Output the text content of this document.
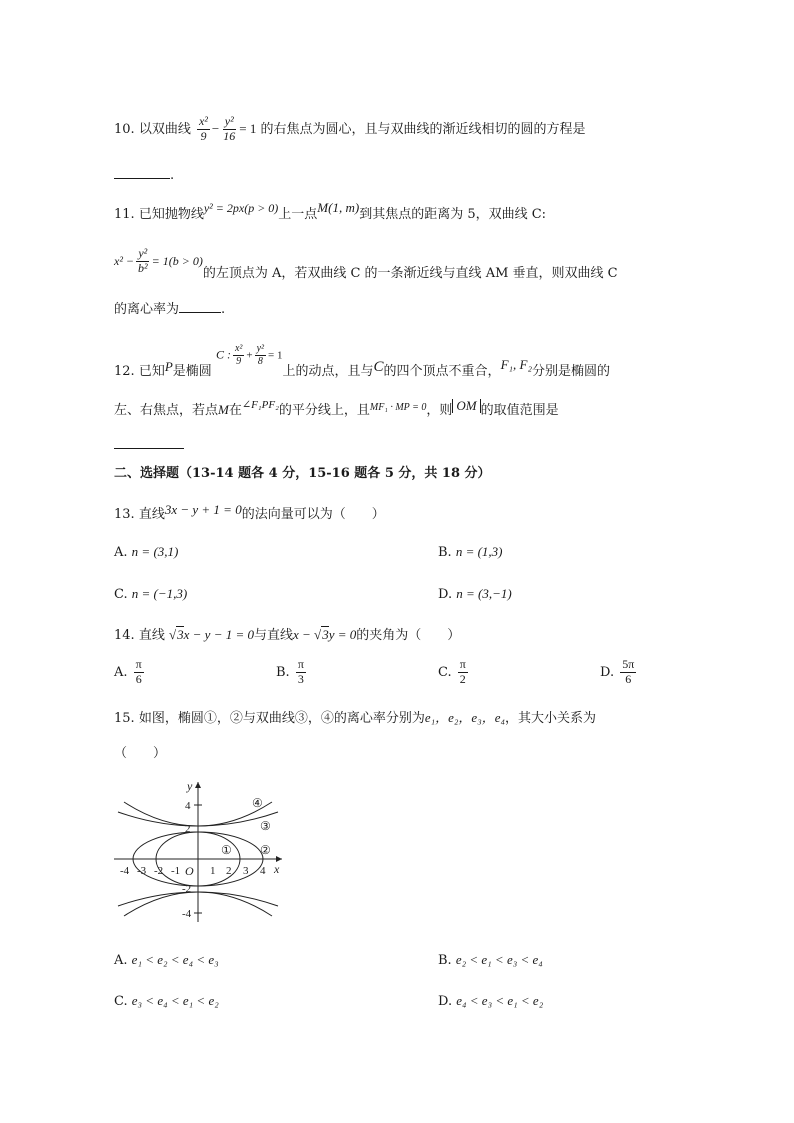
10. 以双曲线 $\frac{\text{x²}}{9} - \frac{\text{y²}}{16} = 1$ 的右焦点为圆心，且与双曲线的渐近线相切的圆的方程是
.
11. 已知抛物线y² = 2px(p > 0)上一点M(1, m)到其焦点的距离为 5，双曲线 C:
$x^2 - \frac{\text{y²}}{\text{b²}} = 1(b > 0)$的左顶点为 A，若双曲线 C 的一条渐近线与直线 AM 垂直，则双曲线 C
的离心率为	.
12. 已知P是椭圆 C : $\frac{\text{x²}}{9} + \frac{\text{y²}}{8} = 1$上的动点，且与C的四个顶点不重合，F₁, F₂分别是椭圆的
左、右焦点，若点M在$^{\angle F_1PF_2}$的平分线上，且$^{MF_1 \cdot MP = 0}$，则 OM 的取值范围是
二、选择题（13-14 题各 4 分，15-16 题各 5 分，共 18 分）
13. 直线3x − y + 1 = 0的法向量可以为（　　）
A. n = (3,1)	B. n = (1,3)
C. n = (−1,3)	D. n = (3,−1)
14. 直线 √3x − y − 1 = 0与直线x − √3y = 0的夹角为（　　）
A. $\frac{\pi}{6}$	B. $\frac{\pi}{3}$	C. $\frac{\pi}{2}$	D. $\frac{5\pi}{6}$
15. 如图，椭圆①，②与双曲线③，④的离心率分别为e₁，e₂，e₃，e₄，其大小关系为
（　　）
y
x
O
4
2
-2
-4
-4 -3 -2 -1	1 2 3 4
① ②
③
④
A. e₁ < e₂ < e₄ < e₃	B. e₂ < e₁ < e₃ < e₄
C. e₃ < e₄ < e₁ < e₂	D. e₄ < e₃ < e₁ < e₂
